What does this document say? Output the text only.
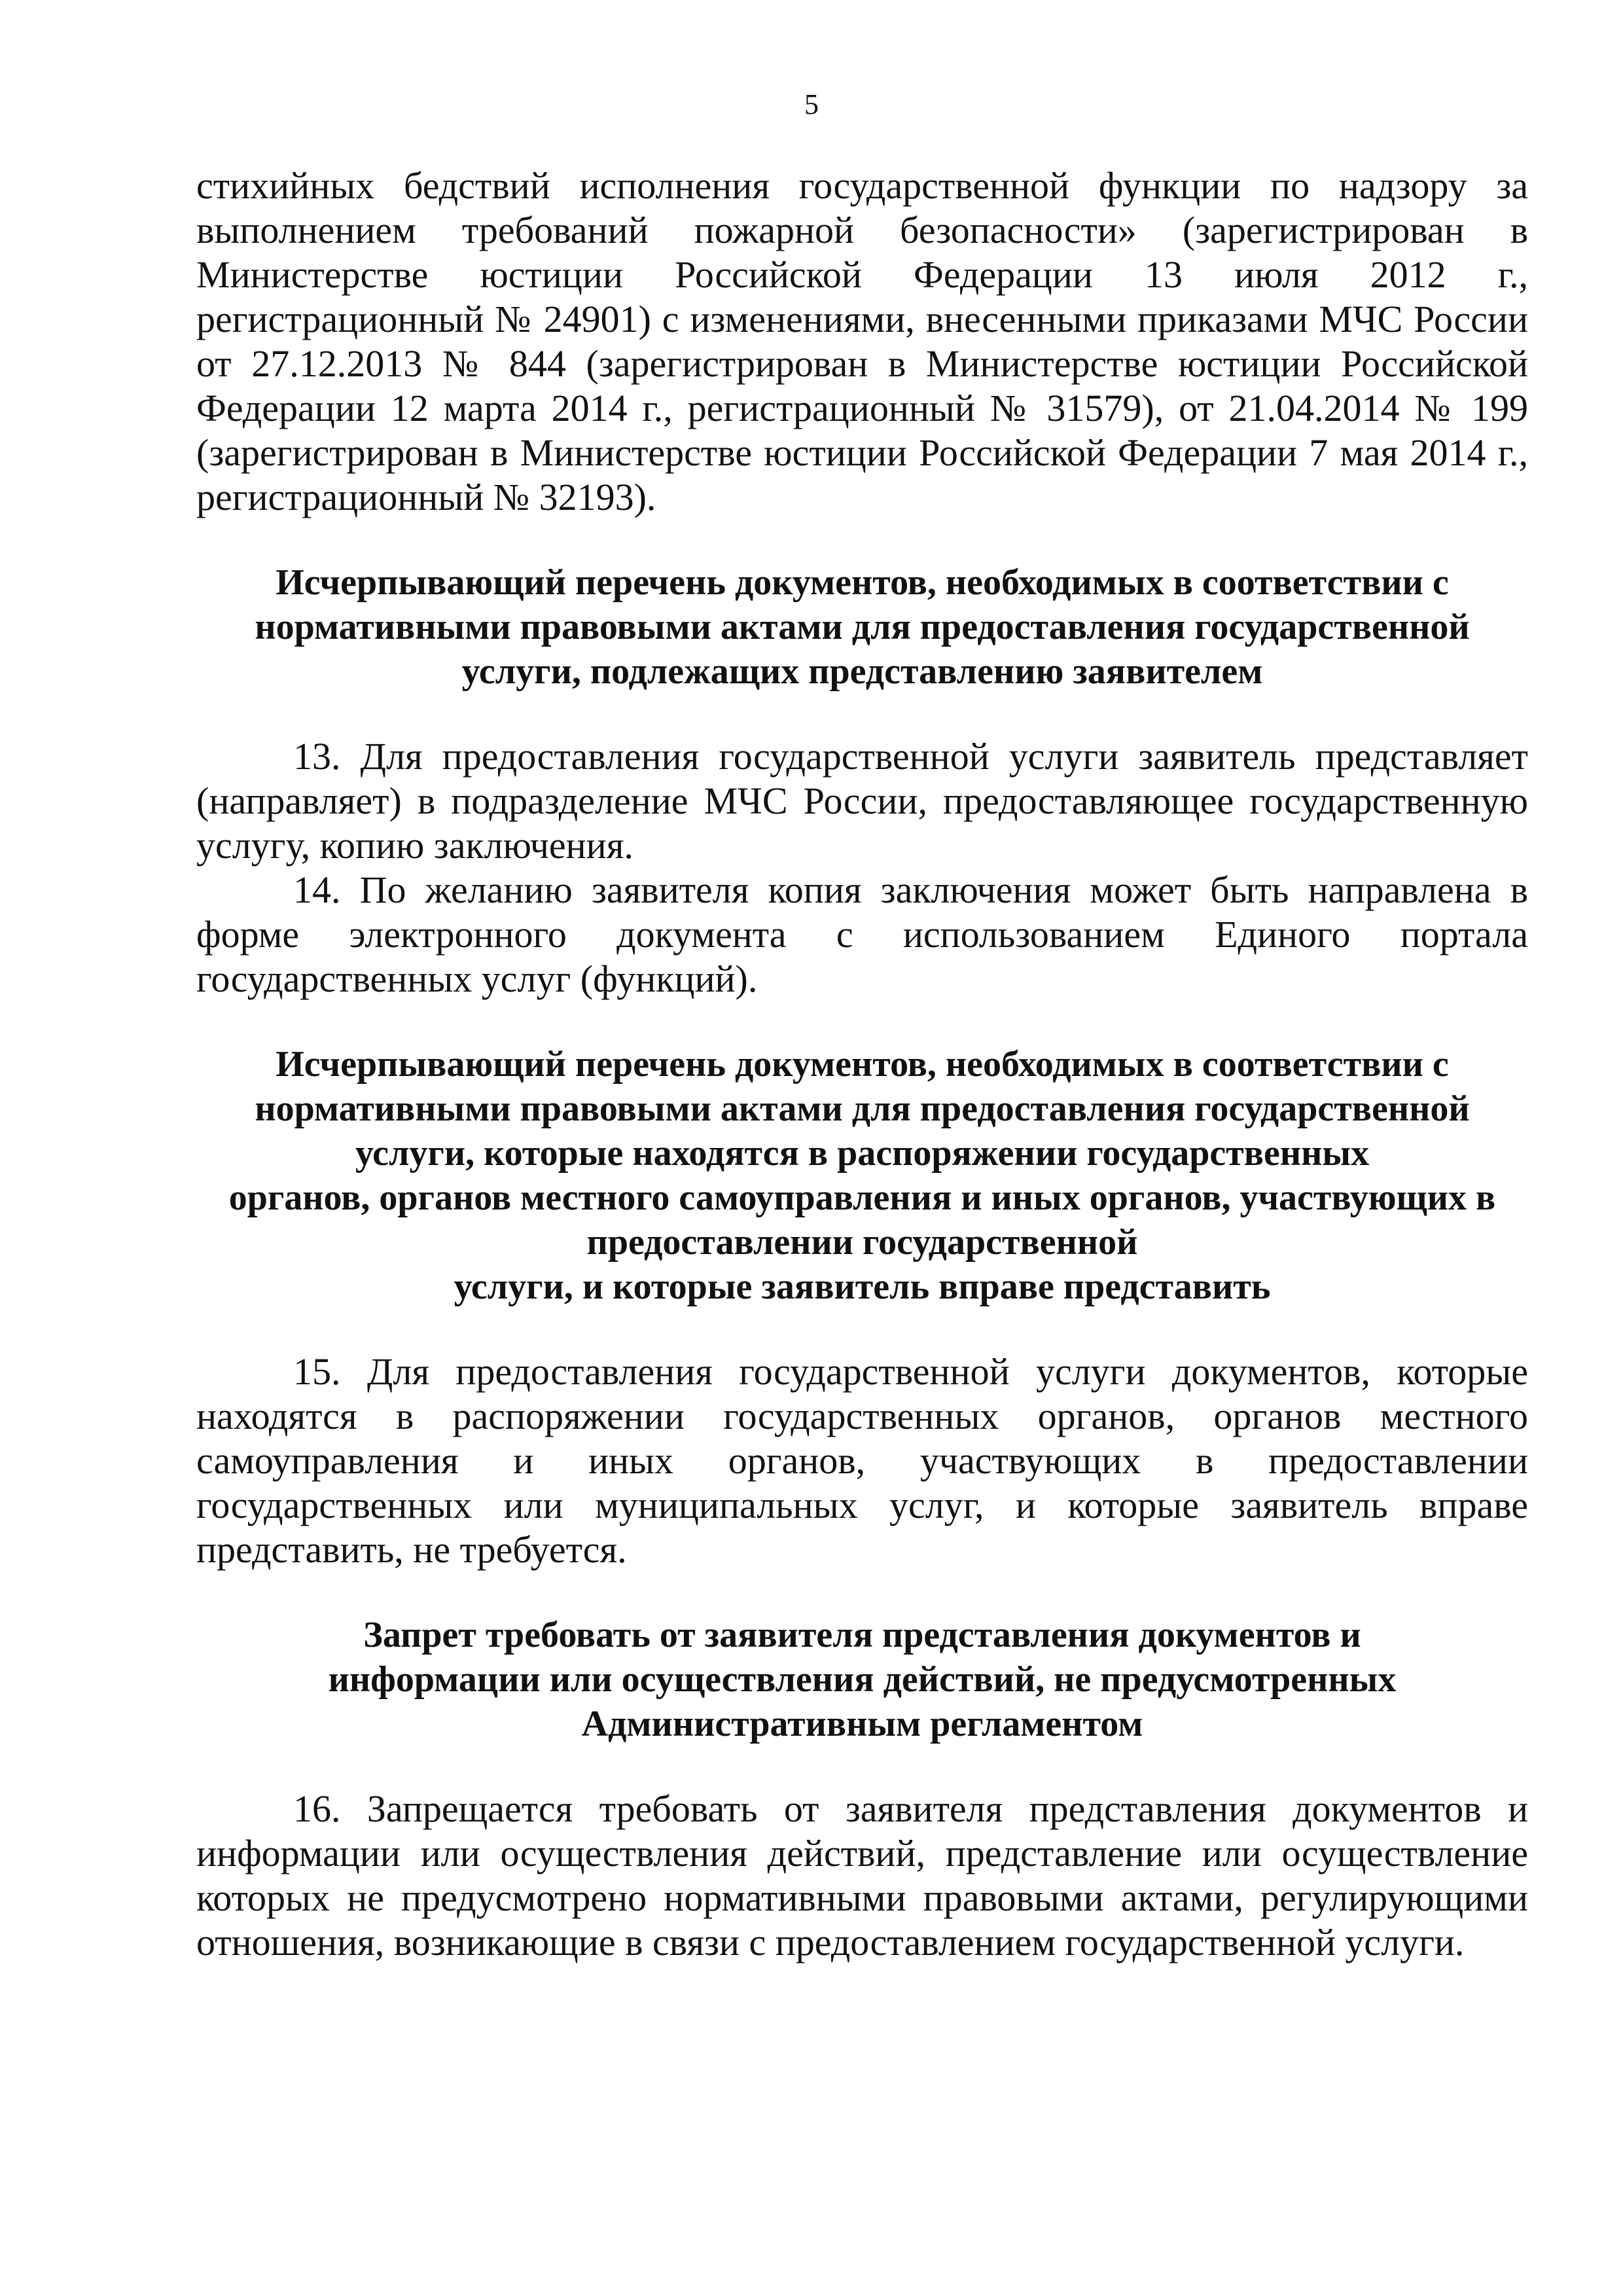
5

стихийных бедствий исполнения государственной функции по надзору за выполнением требований пожарной безопасности» (зарегистрирован в Министерстве юстиции Российской Федерации 13 июля 2012 г., регистрационный № 24901) с изменениями, внесенными приказами МЧС России от 27.12.2013 № 844 (зарегистрирован в Министерстве юстиции Российской Федерации 12 марта 2014 г., регистрационный № 31579), от 21.04.2014 № 199 (зарегистрирован в Министерстве юстиции Российской Федерации 7 мая 2014 г., регистрационный № 32193).

Исчерпывающий перечень документов, необходимых в соответствии с
нормативными правовыми актами для предоставления государственной
услуги, подлежащих представлению заявителем

13. Для предоставления государственной услуги заявитель представляет (направляет) в подразделение МЧС России, предоставляющее государственную услугу, копию заключения.

14. По желанию заявителя копия заключения может быть направлена в форме электронного документа с использованием Единого портала государственных услуг (функций).

Исчерпывающий перечень документов, необходимых в соответствии с
нормативными правовыми актами для предоставления государственной
услуги, которые находятся в распоряжении государственных
органов, органов местного самоуправления и иных органов, участвующих в
предоставлении государственной
услуги, и которые заявитель вправе представить

15. Для предоставления государственной услуги документов, которые находятся в распоряжении государственных органов, органов местного самоуправления и иных органов, участвующих в предоставлении государственных или муниципальных услуг, и которые заявитель вправе представить, не требуется.

Запрет требовать от заявителя представления документов и
информации или осуществления действий, не предусмотренных
Административным регламентом

16. Запрещается требовать от заявителя представления документов и информации или осуществления действий, представление или осуществление которых не предусмотрено нормативными правовыми актами, регулирующими отношения, возникающие в связи с предоставлением государственной услуги.
